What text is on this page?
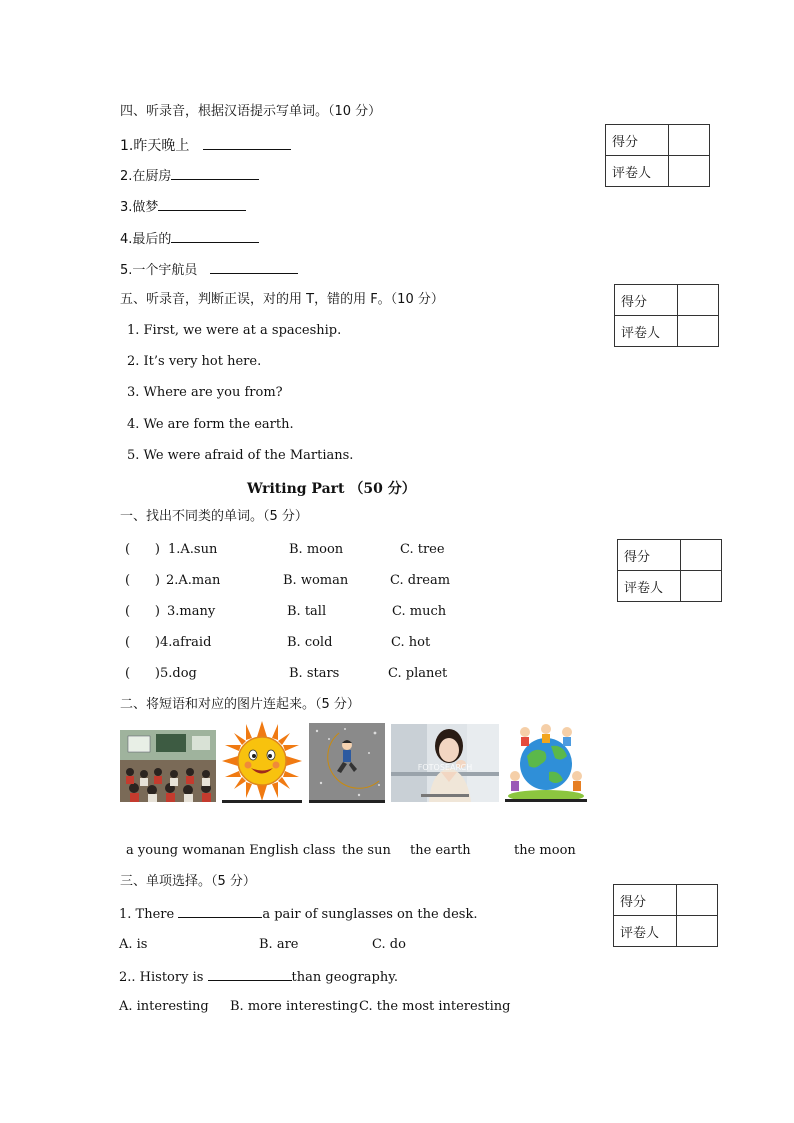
四、听录音，根据汉语提示写单词。（10 分）
1.昨天晚上
2.在厨房
3.做梦
4.最后的
5.一个宇航员
得分	
评卷人	
五、听录音，判断正误，对的用 T，错的用 F。（10 分）
1. First, we were at a spaceship.
2. It’s very hot here.
3. Where are you from?
4. We are form the earth.
5. We were afraid of the Martians.
得分	
评卷人	
Writing Part （50 分）
一、找出不同类的单词。（5 分）
(      ) 1.A.sun	B. moon	C. tree
(      ) 2.A.man	B. woman	C. dream
(      ) 3.many	B. tall	C. much
(      ) 4.afraid	B. cold	C. hot
(      ) 5.dog	B. stars	C. planet
得分	
评卷人	
二、将短语和对应的图片连起来。（5 分）
FOTOSEARCH
a young woman an English class the sun the earth	the moon
三、单项选择。（5 分）
得分	
评卷人	
1. There	a pair of sunglasses on the desk.
A. is	B. are	C. do
2.. History is	than geography.
A. interesting B. more interesting C. the most interesting
